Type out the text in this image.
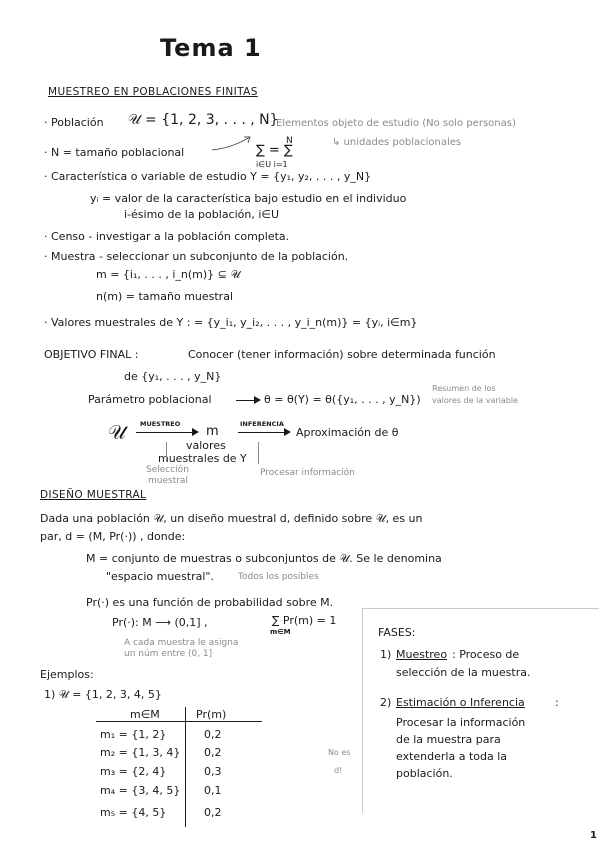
Tema 1
MUESTREO EN POBLACIONES FINITAS
· Población 𝒰 = {1, 2, 3, . . . , N}
Elementos objeto de estudio (No solo personas)
· N = tamaño poblacional
N
∑ = ∑
i∈U i=1
↳ unidades poblacionales
· Característica o variable de estudio Y = {y₁, y₂, . . . , y_N}
yᵢ = valor de la característica bajo estudio en el individuo
i-ésimo de la población, i∈U
· Censo - investigar a la población completa.
· Muestra - seleccionar un subconjunto de la población.
m = {i₁, . . . , i_n(m)} ⊆ 𝒰
n(m) = tamaño muestral
· Valores muestrales de Y : = {y_i₁, y_i₂, . . . , y_i_n(m)} = {yᵢ, i∈m}
OBJETIVO FINAL :	Conocer (tener información) sobre determinada función
de {y₁, . . . , y_N}
Parámetro poblacional	θ = θ(Y) = θ({y₁, . . . , y_N})
Resumen de los
valores de la variable
𝒰 MUESTREO m	INFERENCIA
Aproximación de θ
valores
muestrales de Y
Selección
muestral
Procesar información
DISEÑO MUESTRAL
Dada una población 𝒰, un diseño muestral d, definido sobre 𝒰, es un
par, d = (M, Pr(·)) , donde:
M = conjunto de muestras o subconjuntos de 𝒰. Se le denomina
"espacio muestral".	Todos los posibles
Pr(·) es una función de probabilidad sobre M.
Pr(·): M ⟶ (0,1] ,	∑ Pr(m) = 1
m∈M
A cada muestra le asigna
un núm entre (0, 1]
FASES:
1) Muestreo : Proceso de
selección de la muestra.
2) Estimación o Inferencia	:
Procesar la información
de la muestra para
extenderla a toda la
población.
Ejemplos:
1) 𝒰 = {1, 2, 3, 4, 5}
m∈M	Pr(m)
m₁ = {1, 2}	0,2
m₂ = {1, 3, 4} 0,2
m₃ = {2, 4}	0,3
m₄ = {3, 4, 5} 0,1
m₅ = {4, 5}	0,2
No es
d!
1
